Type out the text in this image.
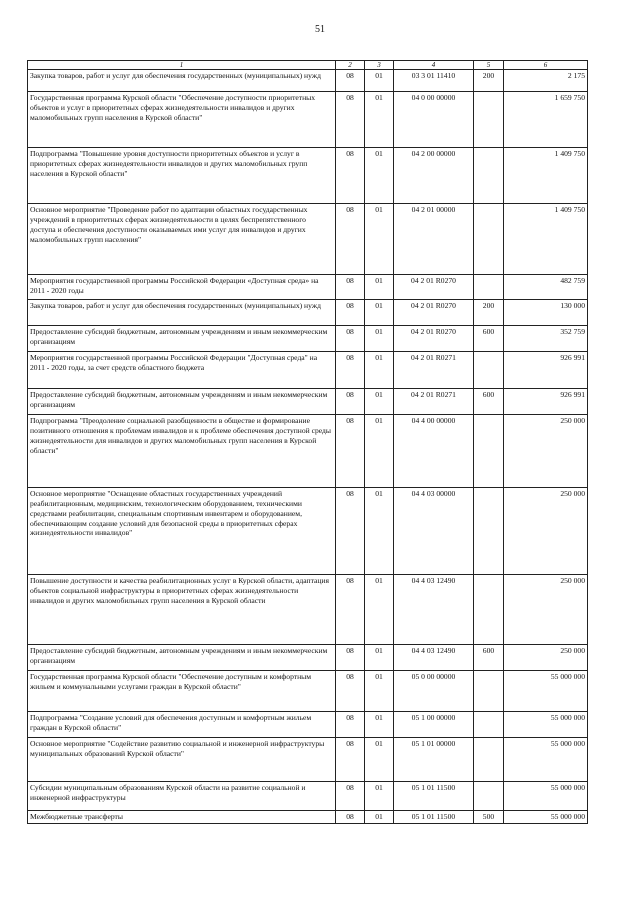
51
1	2	3	4	5	6
Закупка товаров, работ и услуг для обеспечения государственных (муниципальных) нужд	08	01	03 3 01 11410	200	2 175
Государственная программа Курской области "Обеспечение доступности приоритетных объектов и услуг в приоритетных сферах жизнедеятельности инвалидов и других маломобильных групп населения в Курской области"	08	01	04 0 00 00000		1 659 750
Подпрограмма "Повышение уровня доступности приоритетных объектов и услуг в приоритетных сферах жизнедеятельности инвалидов и других маломобильных групп населения в Курской области"	08	01	04 2 00 00000		1 409 750
Основное мероприятие "Проведение работ по адаптации областных государственных учреждений в приоритетных сферах жизнедеятельности в целях беспрепятственного доступа и обеспечения доступности оказываемых ими услуг для инвалидов и других маломобильных групп населения"	08	01	04 2 01 00000		1 409 750
Мероприятия государственной программы Российской Федерации «Доступная среда» на 2011 - 2020 годы	08	01	04 2 01 R0270		482 759
Закупка товаров, работ и услуг для обеспечения государственных (муниципальных) нужд	08	01	04 2 01 R0270	200	130 000
Предоставление субсидий бюджетным, автономным учреждениям и иным некоммерческим организациям	08	01	04 2 01 R0270	600	352 759
Мероприятия государственной программы Российской Федерации "Доступная среда" на 2011 - 2020 годы, за счет средств областного бюджета	08	01	04 2 01 R0271		926 991
Предоставление субсидий бюджетным, автономным учреждениям и иным некоммерческим организациям	08	01	04 2 01 R0271	600	926 991
Подпрограмма "Преодоление социальной разобщенности в обществе и формирование позитивного отношения к проблемам инвалидов и к проблеме обеспечения доступной среды жизнедеятельности для инвалидов и других маломобильных групп населения в Курской области"	08	01	04 4 00 00000		250 000
Основное мероприятие "Оснащение областных государственных учреждений реабилитационным, медицинским, технологическим оборудованием, техническими средствами реабилитации, специальным спортивным инвентарем и оборудованием, обеспечивающим создание условий для безопасной среды в приоритетных сферах жизнедеятельности инвалидов"	08	01	04 4 03 00000		250 000
Повышение доступности и качества реабилитационных услуг в Курской области, адаптация объектов социальной инфраструктуры в приоритетных сферах жизнедеятельности инвалидов и других маломобильных групп населения в Курской области	08	01	04 4 03 12490		250 000
Предоставление субсидий бюджетным, автономным учреждениям и иным некоммерческим организациям	08	01	04 4 03 12490	600	250 000
Государственная программа Курской области "Обеспечение доступным и комфортным жильем и коммунальными услугами граждан в Курской области"	08	01	05 0 00 00000		55 000 000
Подпрограмма "Создание условий для обеспечения доступным и комфортным жильем граждан в Курской области"	08	01	05 1 00 00000		55 000 000
Основное мероприятие "Содействие развитию социальной и инженерной инфраструктуры муниципальных образований Курской области"	08	01	05 1 01 00000		55 000 000
Субсидии муниципальным образованиям Курской области на развитие социальной и инженерной инфраструктуры	08	01	05 1 01 11500		55 000 000
Межбюджетные трансферты	08	01	05 1 01 11500	500	55 000 000
